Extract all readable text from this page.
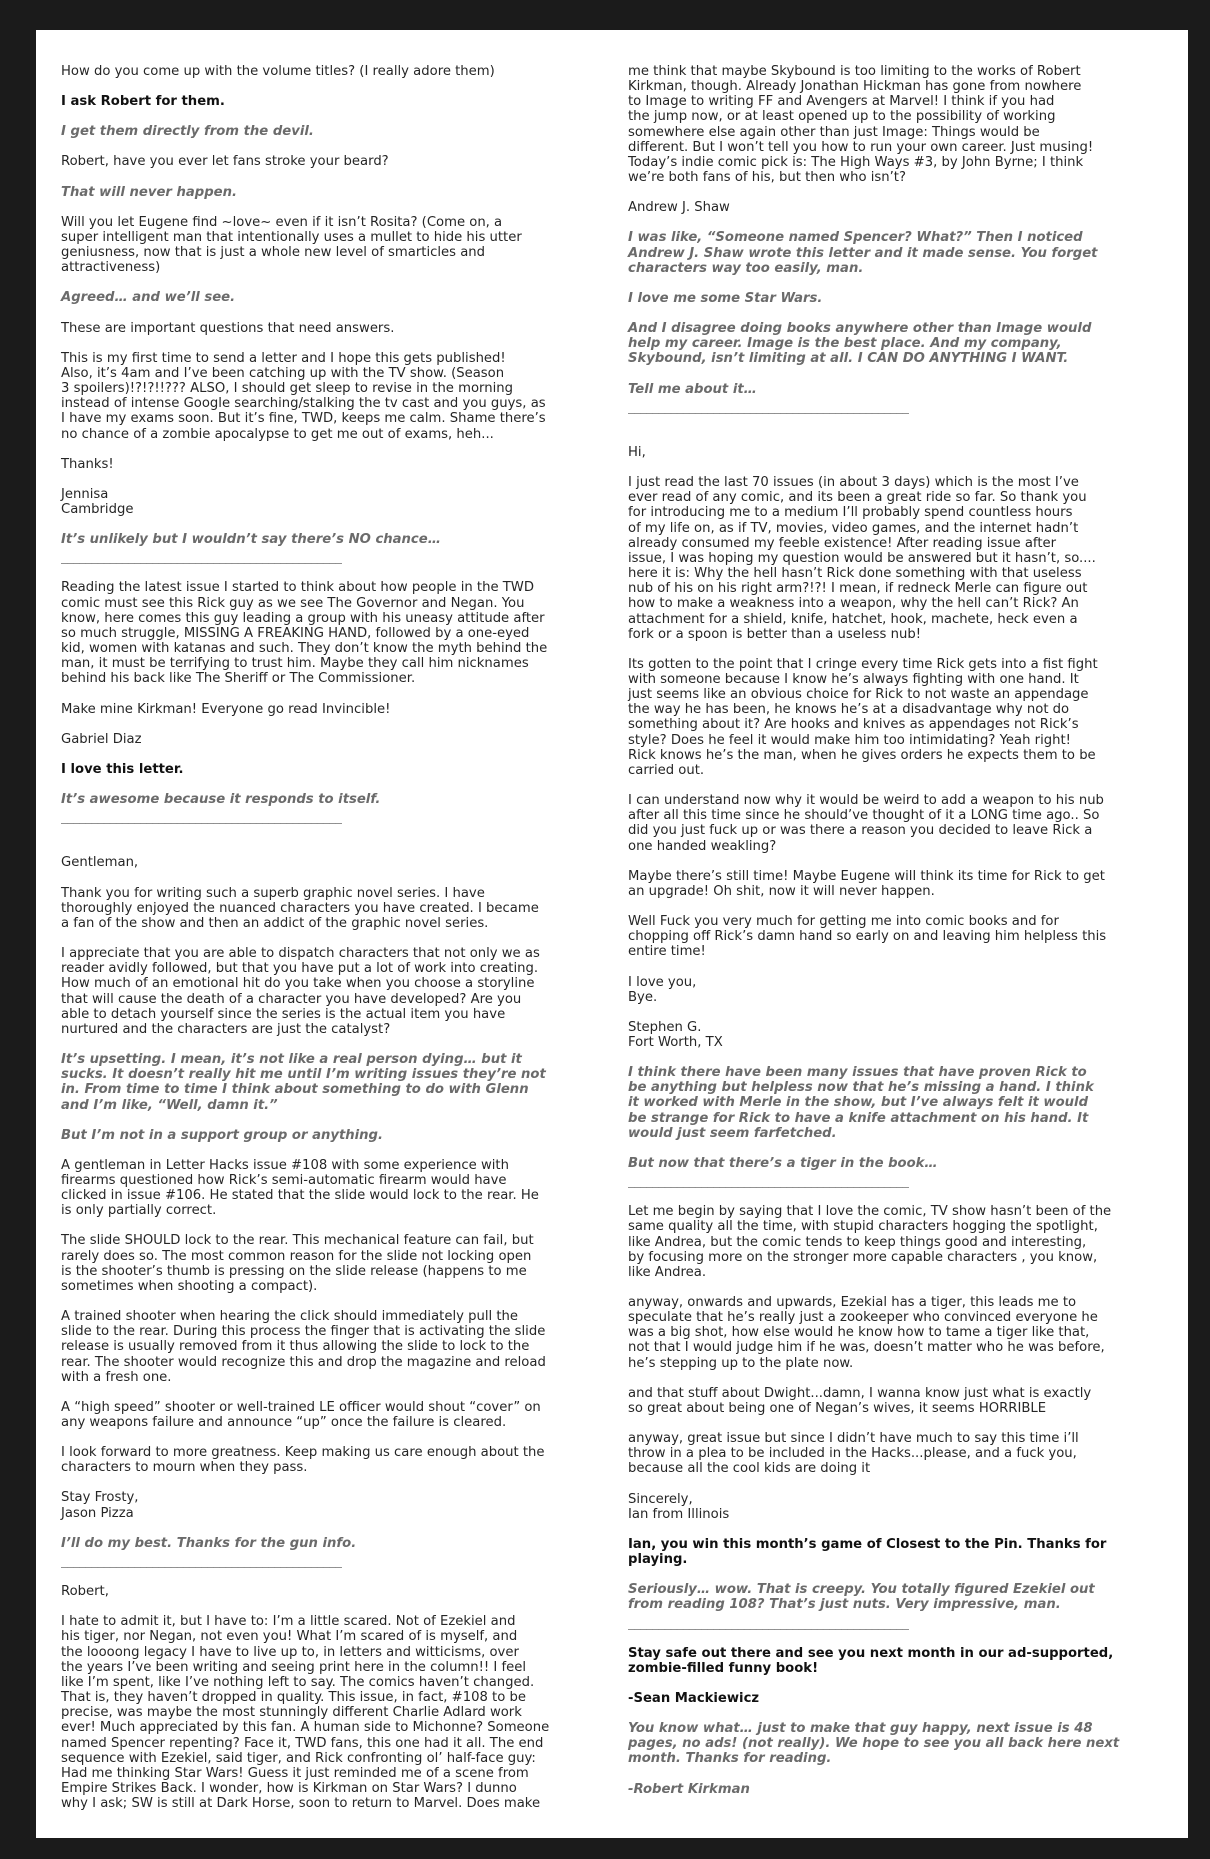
How do you come up with the volume titles? (I really adore them)

I ask Robert for them.

I get them directly from the devil.

Robert, have you ever let fans stroke your beard?

That will never happen.

Will you let Eugene find ~love~ even if it isn’t Rosita? (Come on, a
super intelligent man that intentionally uses a mullet to hide his utter
geniusness, now that is just a whole new level of smarticles and
attractiveness)

Agreed… and we’ll see.

These are important questions that need answers.

This is my first time to send a letter and I hope this gets published!
Also, it’s 4am and I’ve been catching up with the TV show. (Season
3 spoilers)!?!?!!??? ALSO, I should get sleep to revise in the morning
instead of intense Google searching/stalking the tv cast and you guys, as
I have my exams soon. But it’s fine, TWD, keeps me calm. Shame there’s
no chance of a zombie apocalypse to get me out of exams, heh...

Thanks!

Jennisa
Cambridge

It’s unlikely but I wouldn’t say there’s NO chance…

______________________________________________

Reading the latest issue I started to think about how people in the TWD
comic must see this Rick guy as we see The Governor and Negan. You
know, here comes this guy leading a group with his uneasy attitude after
so much struggle, MISSING A FREAKING HAND, followed by a one-eyed
kid, women with katanas and such. They don’t know the myth behind the
man, it must be terrifying to trust him. Maybe they call him nicknames
behind his back like The Sheriff or The Commissioner.

Make mine Kirkman! Everyone go read Invincible!

Gabriel Diaz

I love this letter.

It’s awesome because it responds to itself.

______________________________________________

Gentleman,

Thank you for writing such a superb graphic novel series. I have
thoroughly enjoyed the nuanced characters you have created. I became
a fan of the show and then an addict of the graphic novel series.

I appreciate that you are able to dispatch characters that not only we as
reader avidly followed, but that you have put a lot of work into creating.
How much of an emotional hit do you take when you choose a storyline
that will cause the death of a character you have developed? Are you
able to detach yourself since the series is the actual item you have
nurtured and the characters are just the catalyst?

It’s upsetting. I mean, it’s not like a real person dying… but it
sucks. It doesn’t really hit me until I’m writing issues they’re not
in. From time to time I think about something to do with Glenn
and I’m like, “Well, damn it.”

But I’m not in a support group or anything.

A gentleman in Letter Hacks issue #108 with some experience with
firearms questioned how Rick’s semi-automatic firearm would have
clicked in issue #106. He stated that the slide would lock to the rear. He
is only partially correct.

The slide SHOULD lock to the rear. This mechanical feature can fail, but
rarely does so. The most common reason for the slide not locking open
is the shooter’s thumb is pressing on the slide release (happens to me
sometimes when shooting a compact).

A trained shooter when hearing the click should immediately pull the
slide to the rear. During this process the finger that is activating the slide
release is usually removed from it thus allowing the slide to lock to the
rear. The shooter would recognize this and drop the magazine and reload
with a fresh one.

A “high speed” shooter or well-trained LE officer would shout “cover” on
any weapons failure and announce “up” once the failure is cleared.

I look forward to more greatness. Keep making us care enough about the
characters to mourn when they pass.

Stay Frosty,
Jason Pizza

I’ll do my best. Thanks for the gun info.

______________________________________________

Robert,

I hate to admit it, but I have to: I’m a little scared. Not of Ezekiel and
his tiger, nor Negan, not even you! What I’m scared of is myself, and
the loooong legacy I have to live up to, in letters and witticisms, over
the years I’ve been writing and seeing print here in the column!! I feel
like I’m spent, like I’ve nothing left to say. The comics haven’t changed.
That is, they haven’t dropped in quality. This issue, in fact, #108 to be
precise, was maybe the most stunningly different Charlie Adlard work
ever! Much appreciated by this fan. A human side to Michonne? Someone
named Spencer repenting? Face it, TWD fans, this one had it all. The end
sequence with Ezekiel, said tiger, and Rick confronting ol’ half-face guy:
Had me thinking Star Wars! Guess it just reminded me of a scene from
Empire Strikes Back. I wonder, how is Kirkman on Star Wars? I dunno
why I ask; SW is still at Dark Horse, soon to return to Marvel. Does make

me think that maybe Skybound is too limiting to the works of Robert
Kirkman, though. Already Jonathan Hickman has gone from nowhere
to Image to writing FF and Avengers at Marvel! I think if you had
the jump now, or at least opened up to the possibility of working
somewhere else again other than just Image: Things would be
different. But I won’t tell you how to run your own career. Just musing!
Today’s indie comic pick is: The High Ways #3, by John Byrne; I think
we’re both fans of his, but then who isn’t?

Andrew J. Shaw

I was like, “Someone named Spencer? What?” Then I noticed
Andrew J. Shaw wrote this letter and it made sense. You forget
characters way too easily, man.

I love me some Star Wars.

And I disagree doing books anywhere other than Image would
help my career. Image is the best place. And my company,
Skybound, isn’t limiting at all. I CAN DO ANYTHING I WANT.

Tell me about it…

______________________________________________

Hi,

I just read the last 70 issues (in about 3 days) which is the most I’ve
ever read of any comic, and its been a great ride so far. So thank you
for introducing me to a medium I’ll probably spend countless hours
of my life on, as if TV, movies, video games, and the internet hadn’t
already consumed my feeble existence! After reading issue after
issue, I was hoping my question would be answered but it hasn’t, so....
here it is: Why the hell hasn’t Rick done something with that useless
nub of his on his right arm?!?! I mean, if redneck Merle can figure out
how to make a weakness into a weapon, why the hell can’t Rick? An
attachment for a shield, knife, hatchet, hook, machete, heck even a
fork or a spoon is better than a useless nub!

Its gotten to the point that I cringe every time Rick gets into a fist fight
with someone because I know he’s always fighting with one hand. It
just seems like an obvious choice for Rick to not waste an appendage
the way he has been, he knows he’s at a disadvantage why not do
something about it? Are hooks and knives as appendages not Rick’s
style? Does he feel it would make him too intimidating? Yeah right!
Rick knows he’s the man, when he gives orders he expects them to be
carried out.

I can understand now why it would be weird to add a weapon to his nub
after all this time since he should’ve thought of it a LONG time ago.. So
did you just fuck up or was there a reason you decided to leave Rick a
one handed weakling?

Maybe there’s still time! Maybe Eugene will think its time for Rick to get
an upgrade! Oh shit, now it will never happen.

Well Fuck you very much for getting me into comic books and for
chopping off Rick’s damn hand so early on and leaving him helpless this
entire time!

I love you,
Bye.

Stephen G.
Fort Worth, TX

I think there have been many issues that have proven Rick to
be anything but helpless now that he’s missing a hand. I think
it worked with Merle in the show, but I’ve always felt it would
be strange for Rick to have a knife attachment on his hand. It
would just seem farfetched.

But now that there’s a tiger in the book…

______________________________________________

Let me begin by saying that I love the comic, TV show hasn’t been of the
same quality all the time, with stupid characters hogging the spotlight,
like Andrea, but the comic tends to keep things good and interesting,
by focusing more on the stronger more capable characters , you know,
like Andrea.

anyway, onwards and upwards, Ezekial has a tiger, this leads me to
speculate that he’s really just a zookeeper who convinced everyone he
was a big shot, how else would he know how to tame a tiger like that,
not that I would judge him if he was, doesn’t matter who he was before,
he’s stepping up to the plate now.

and that stuff about Dwight...damn, I wanna know just what is exactly
so great about being one of Negan’s wives, it seems HORRIBLE

anyway, great issue but since I didn’t have much to say this time i’ll
throw in a plea to be included in the Hacks...please, and a fuck you,
because all the cool kids are doing it

Sincerely,
Ian from Illinois

Ian, you win this month’s game of Closest to the Pin. Thanks for
playing.

Seriously… wow. That is creepy. You totally figured Ezekiel out
from reading 108? That’s just nuts. Very impressive, man.

______________________________________________

Stay safe out there and see you next month in our ad-supported,
zombie-filled funny book!

-Sean Mackiewicz

You know what… just to make that guy happy, next issue is 48
pages, no ads! (not really). We hope to see you all back here next
month. Thanks for reading.

-Robert Kirkman
